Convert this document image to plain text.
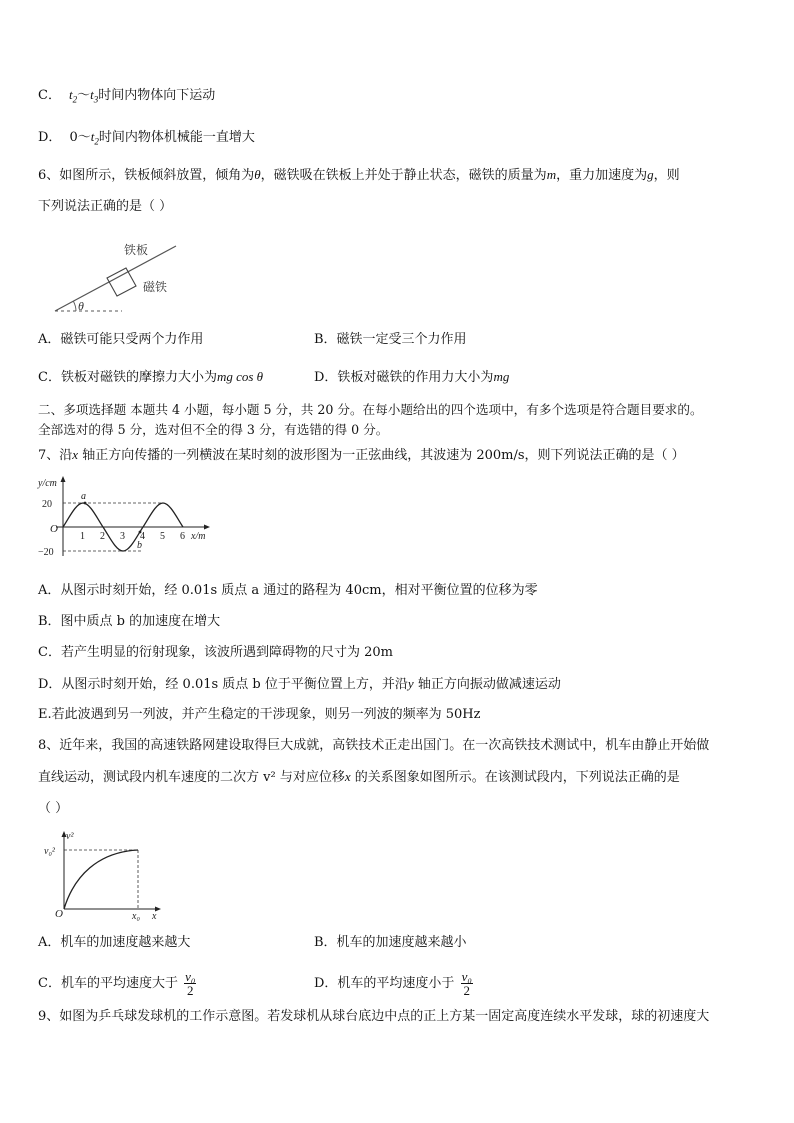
C． $t_2\sim t_3$时间内物体向下运动
D． $0\sim t_2$时间内物体机械能一直增大
6、如图所示，铁板倾斜放置，倾角为θ，磁铁吸在铁板上并处于静止状态，磁铁的质量为m，重力加速度为g，则
下列说法正确的是（ ）
θ
铁板
磁铁
A．磁铁可能只受两个力作用	B．磁铁一定受三个力作用
C．铁板对磁铁的摩擦力大小为mg cos θ	D．铁板对磁铁的作用力大小为mg
二、多项选择题 本题共 4 小题，每小题 5 分，共 20 分。在每小题给出的四个选项中，有多个选项是符合题目要求的。
全部选对的得 5 分，选对但不全的得 3 分，有选错的得 0 分。
7、沿x 轴正方向传播的一列横波在某时刻的波形图为一正弦曲线，其波速为 200m/s，则下列说法正确的是（ ）
y/cm
20
−20
O
1 2 3 4 5 6 x/m
a
b
A．从图示时刻开始，经 0.01s 质点 a 通过的路程为 40cm，相对平衡位置的位移为零
B．图中质点 b 的加速度在增大
C．若产生明显的衍射现象，该波所遇到障碍物的尺寸为 20m
D．从图示时刻开始，经 0.01s 质点 b 位于平衡位置上方，并沿y 轴正方向振动做减速运动
E.若此波遇到另一列波，并产生稳定的干涉现象，则另一列波的频率为 50Hz
8、近年来，我国的高速铁路网建设取得巨大成就，高铁技术正走出国门。在一次高铁技术测试中，机车由静止开始做
直线运动，测试段内机车速度的二次方 v² 与对应位移x 的关系图象如图所示。在该测试段内，下列说法正确的是
（ ）
v²
v₀²
O	x₀ x
A．机车的加速度越来越大	B．机车的加速度越来越小
C．机车的平均速度大于 $\frac{\text{v₀}}{2}$	D．机车的平均速度小于 $\frac{\text{v₀}}{2}$
9、如图为乒乓球发球机的工作示意图。若发球机从球台底边中点的正上方某一固定高度连续水平发球，球的初速度大
